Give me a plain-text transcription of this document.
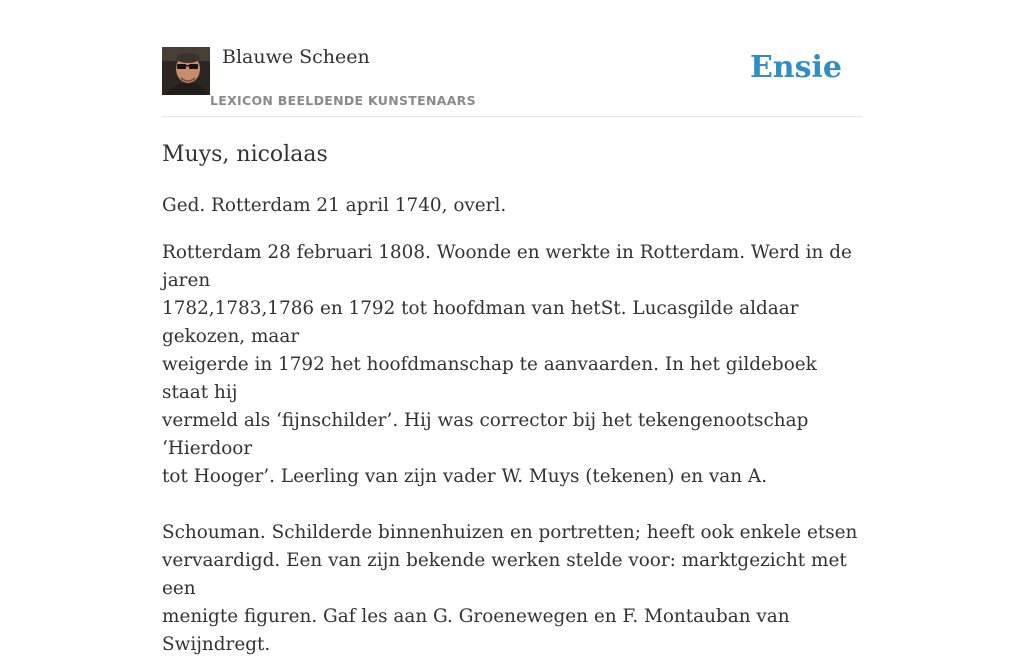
Blauwe Scheen
LEXICON BEELDENDE KUNSTENAARS
Ensie
Muys, nicolaas

Ged. Rotterdam 21 april 1740, overl.

Rotterdam 28 februari 1808. Woonde en werkte in Rotterdam. Werd in de jaren
1782,1783,1786 en 1792 tot hoofdman van hetSt. Lucasgilde aldaar gekozen, maar
weigerde in 1792 het hoofdmanschap te aanvaarden. In het gildeboek staat hij
vermeld als ‘fijnschilder’. Hij was corrector bij het tekengenootschap ‘Hierdoor
tot Hooger’. Leerling van zijn vader W. Muys (tekenen) en van A.

Schouman. Schilderde binnenhuizen en portretten; heeft ook enkele etsen
vervaardigd. Een van zijn bekende werken stelde voor: marktgezicht met een
menigte figuren. Gaf les aan G. Groenewegen en F. Montauban van Swijndregt.
